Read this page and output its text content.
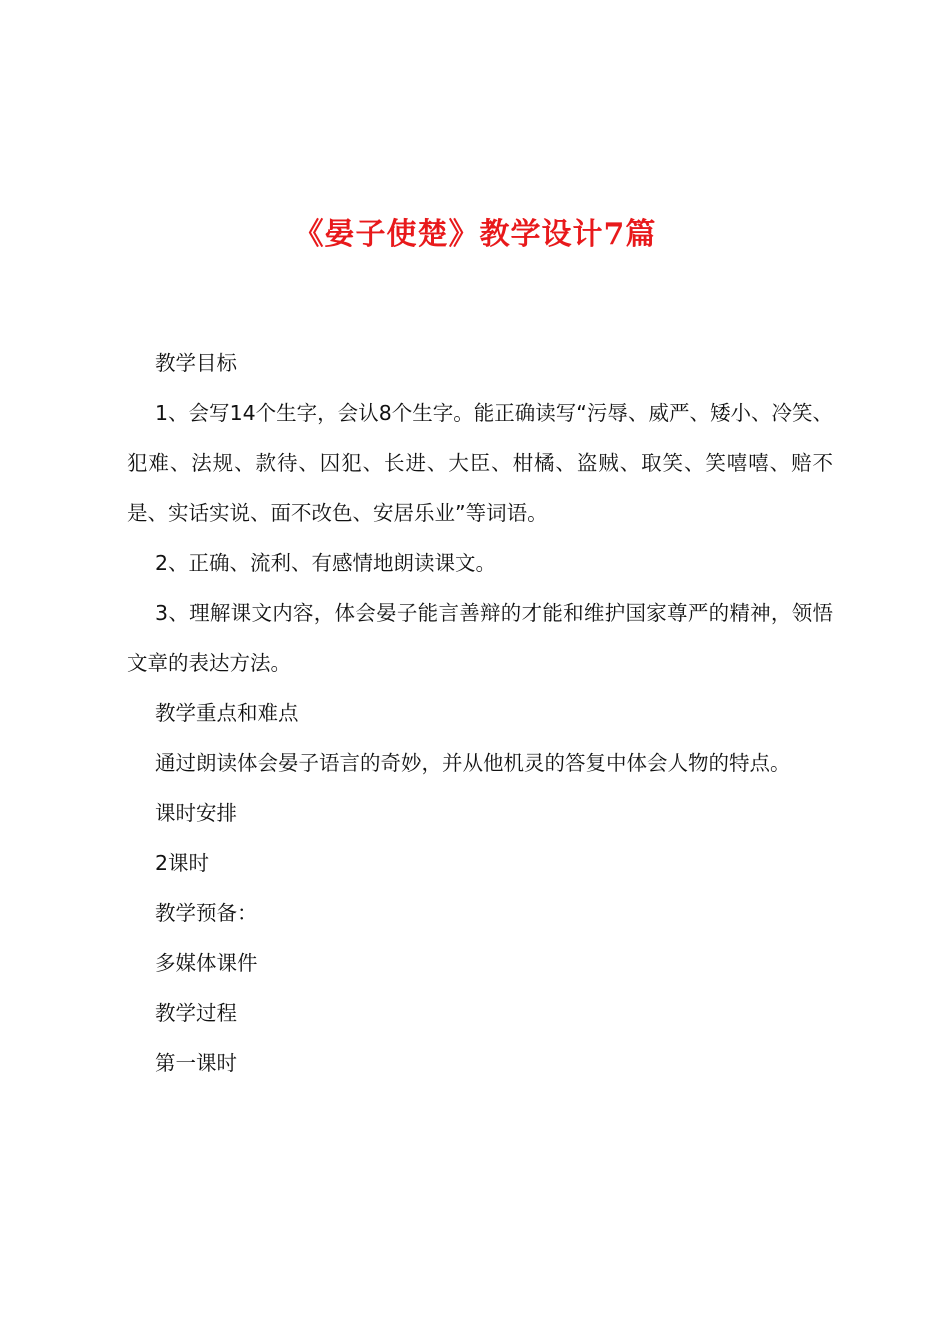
《晏子使楚》教学设计7篇

教学目标

1、会写14个生字，会认8个生字。能正确读写“污辱、威严、矮小、冷笑、犯难、法规、款待、囚犯、长进、大臣、柑橘、盗贼、取笑、笑嘻嘻、赔不是、实话实说、面不改色、安居乐业”等词语。

2、正确、流利、有感情地朗读课文。

3、理解课文内容，体会晏子能言善辩的才能和维护国家尊严的精神，领悟文章的表达方法。

教学重点和难点

通过朗读体会晏子语言的奇妙，并从他机灵的答复中体会人物的特点。

课时安排

2课时

教学预备：

多媒体课件

教学过程

第一课时
